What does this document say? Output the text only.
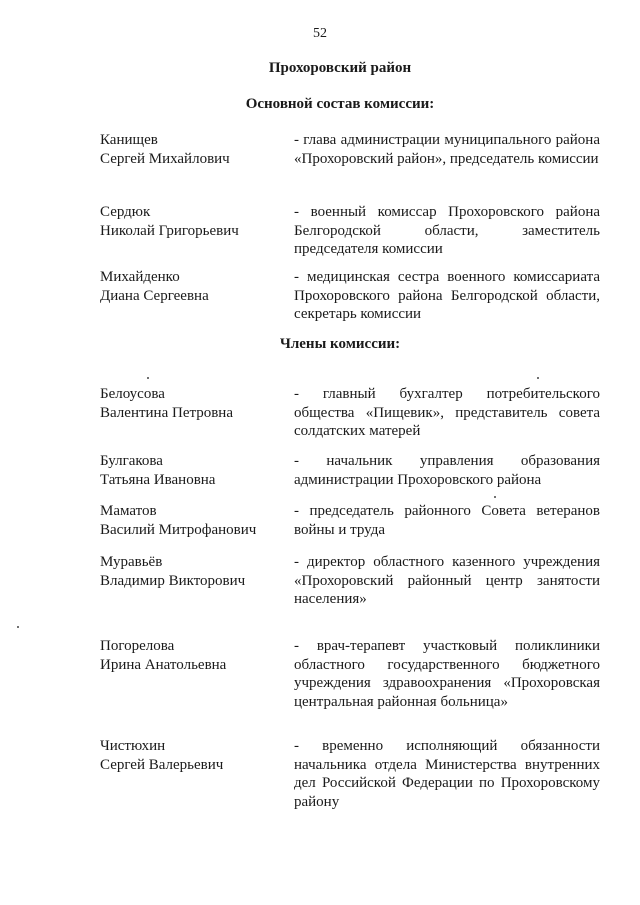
52
Прохоровский район
Основной состав комиссии:
Канищев
Сергей Михайлович
- глава администрации муниципального района «Прохоровский район», председатель комиссии
Сердюк
Николай Григорьевич
- военный комиссар Прохоровского района Белгородской области, заместитель председателя комиссии
Михайденко
Диана Сергеевна
- медицинская сестра военного комиссариата Прохоровского района Белгородской области, секретарь комиссии
Члены комиссии:
Белоусова
Валентина Петровна
- главный бухгалтер потребительского общества «Пищевик», представитель совета солдатских матерей
Булгакова
Татьяна Ивановна
- начальник управления образования администрации Прохоровского района
Маматов
Василий Митрофанович
- председатель районного Совета ветеранов войны и труда
Муравьёв
Владимир Викторович
- директор областного казенного учреждения «Прохоровский районный центр занятости населения»
Погорелова
Ирина Анатольевна
- врач-терапевт участковый поликлиники областного государственного бюджетного учреждения здравоохранения «Прохоровская центральная районная больница»
Чистюхин
Сергей Валерьевич
- временно исполняющий обязанности начальника отдела Министерства внутренних дел Российской Федерации по Прохоровскому району
